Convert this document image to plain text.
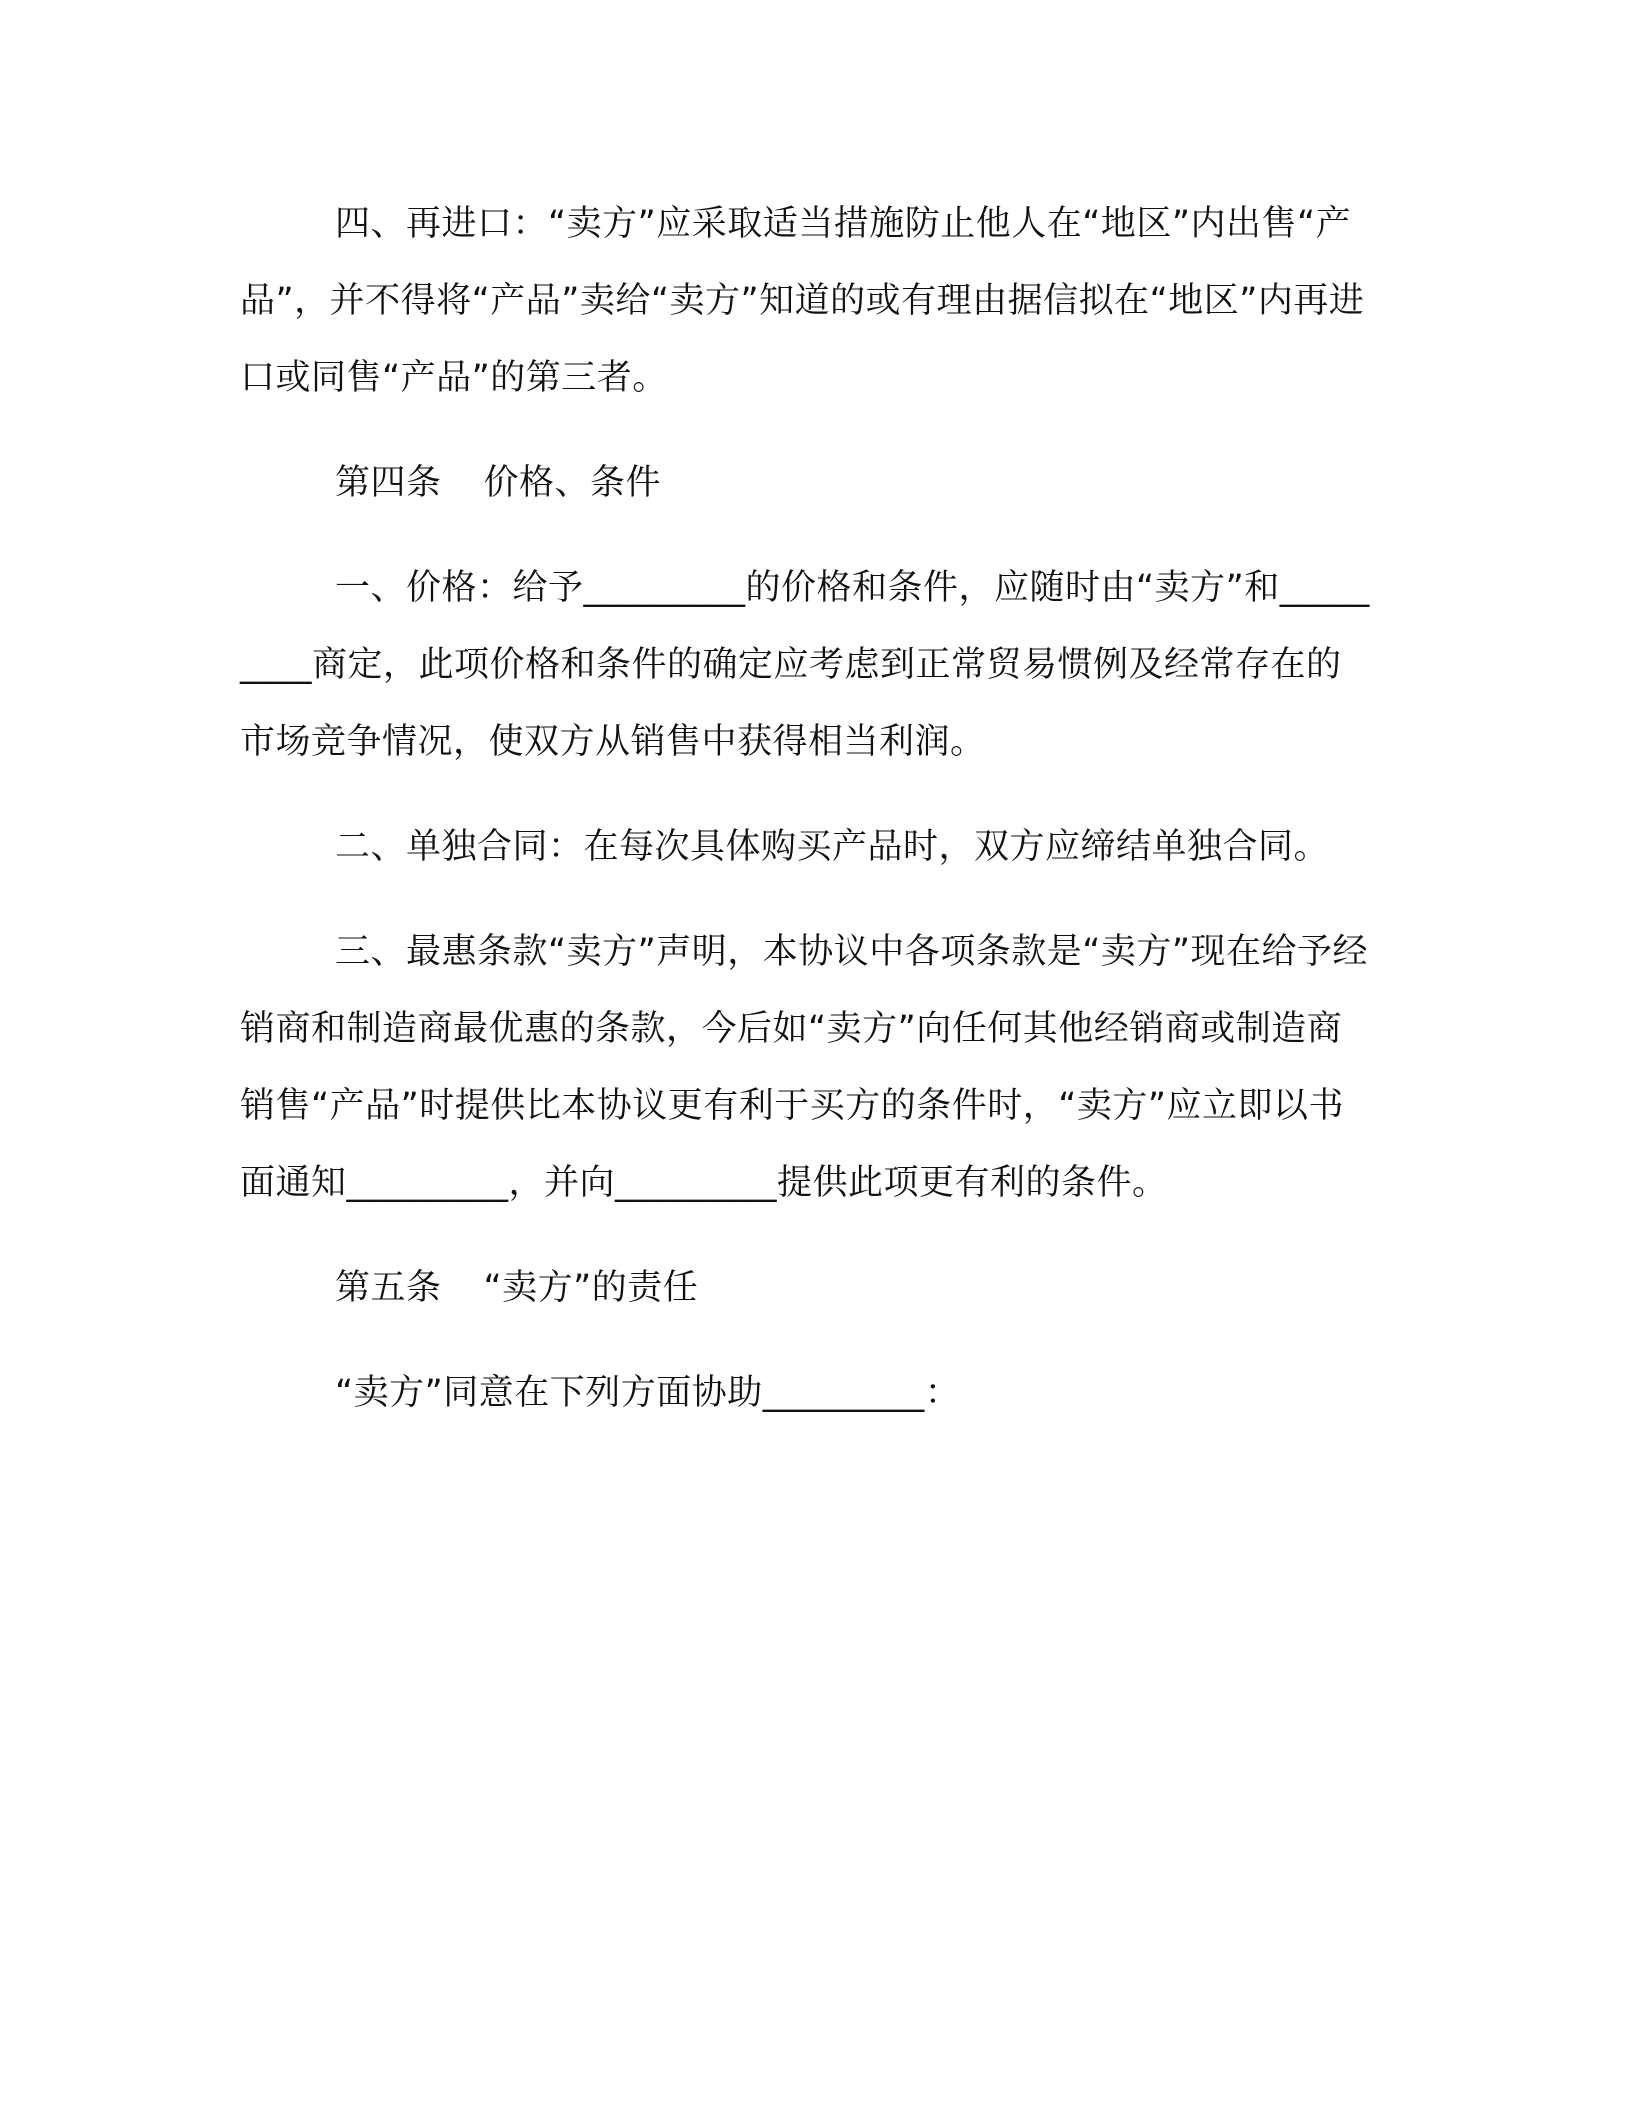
四、再进口：“卖方”应采取适当措施防止他人在“地区”内出售“产品”，并不得将“产品”卖给“卖方”知道的或有理由据信拟在“地区”内再进口或同售“产品”的第三者。

第四条 价格、条件

一、价格：给予_________的价格和条件，应随时由“卖方”和_________商定，此项价格和条件的确定应考虑到正常贸易惯例及经常存在的市场竞争情况，使双方从销售中获得相当利润。

二、单独合同：在每次具体购买产品时，双方应缔结单独合同。

三、最惠条款“卖方”声明，本协议中各项条款是“卖方”现在给予经销商和制造商最优惠的条款，今后如“卖方”向任何其他经销商或制造商销售“产品”时提供比本协议更有利于买方的条件时，“卖方”应立即以书面通知_________，并向_________提供此项更有利的条件。

第五条 “卖方”的责任

“卖方”同意在下列方面协助_________：
